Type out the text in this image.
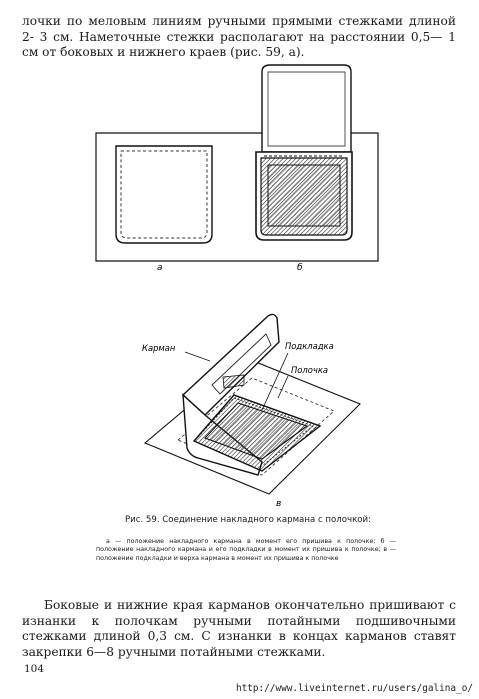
лочки по меловым линиям ручными прямыми стежками длиной 2- 3 см. Наметочные стежки располагают на расстоянии 0,5— 1 см от боковых и нижнего краев (рис. 59, а).

а	б
Карман	Подкладка
Полочка
в

Рис. 59. Соединение накладного кармана с полочкой:

а — положение накладного кармана в момент его пришива к полочке; б — положение накладного кармана и его подкладки в момент их пришива к полочке; в — положение подкладки и верха кармана в момент их пришива к полочке

Боковые и нижние края карманов окончательно пришивают с изнанки к полочкам ручными потайными подшивочными стежками длиной 0,3 см. С изнанки в концах карманов ставят закрепки 6—8 ручными потайными стежками.

104
http://www.liveinternet.ru/users/galina_o/
